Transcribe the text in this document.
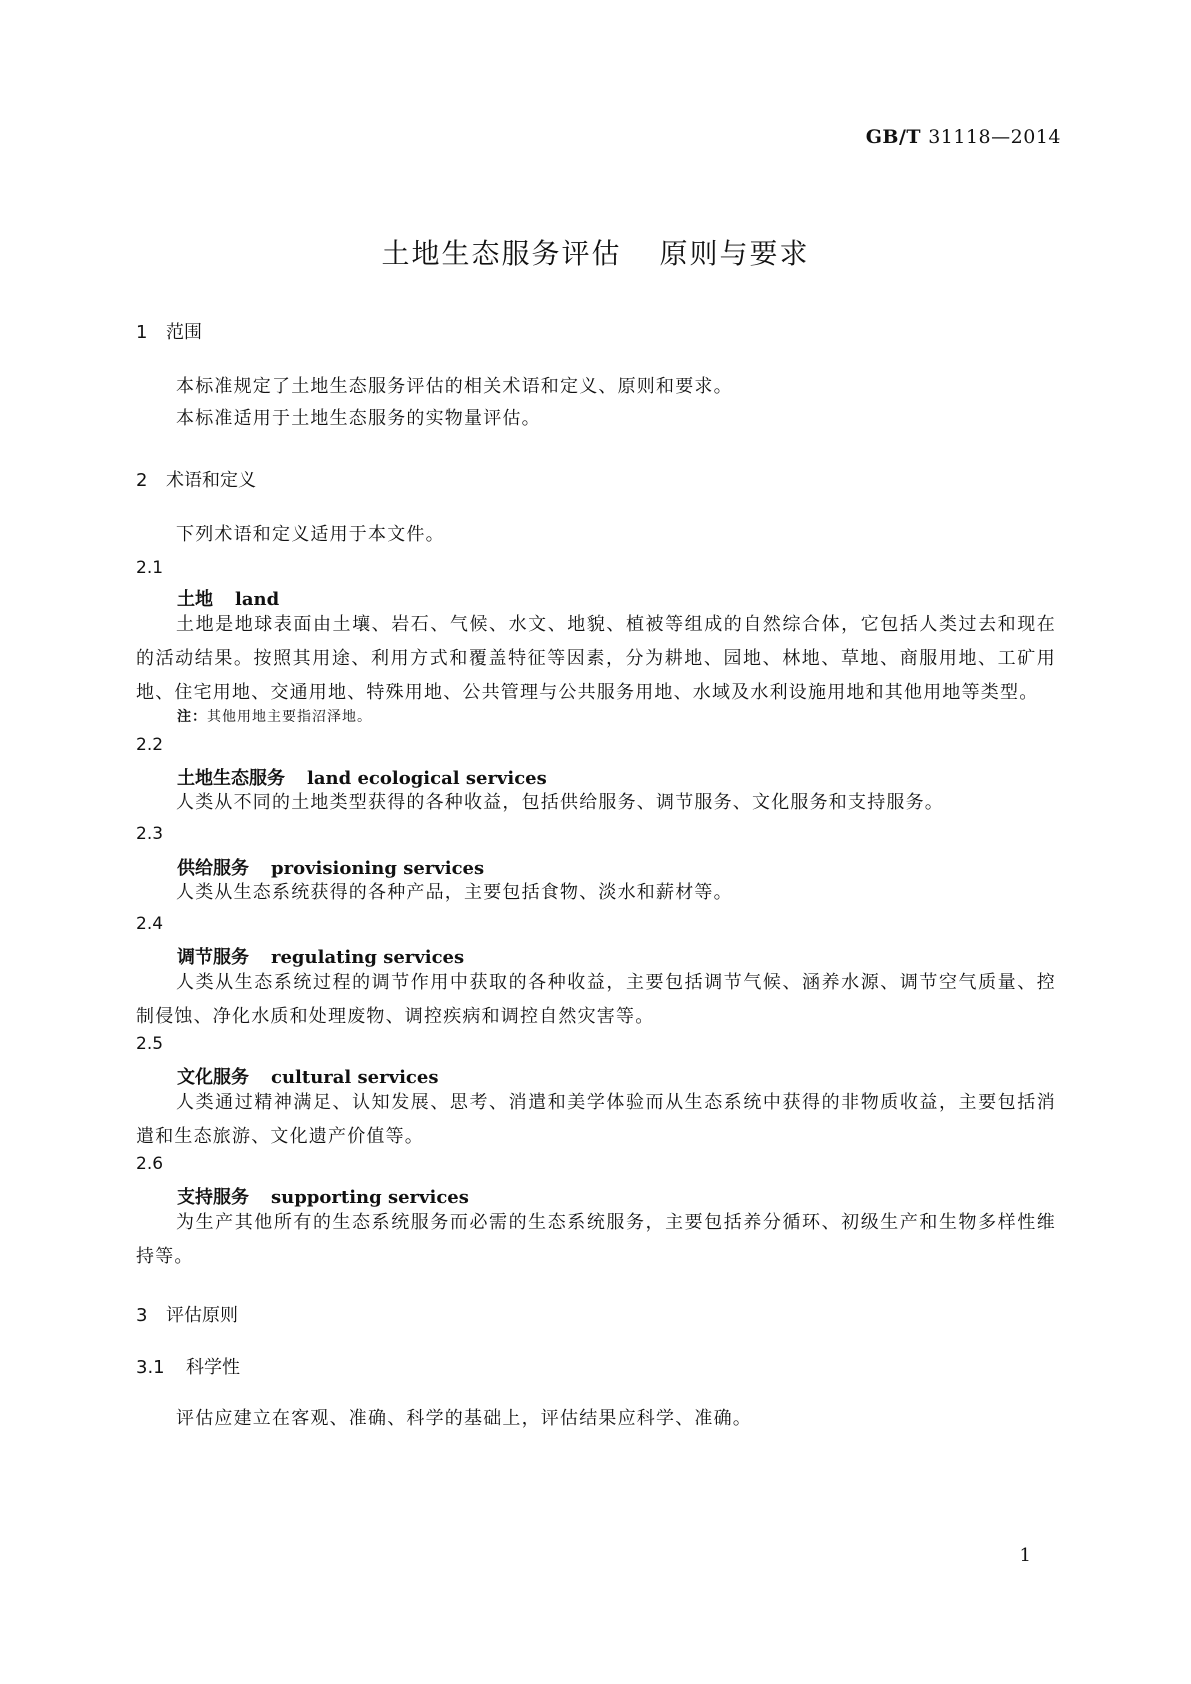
GB/T 31118—2014
土地生态服务评估 原则与要求
1 范围
本标准规定了土地生态服务评估的相关术语和定义、原则和要求。
本标准适用于土地生态服务的实物量评估。
2 术语和定义
下列术语和定义适用于本文件。
2.1
土地 land
土地是地球表面由土壤、岩石、气候、水文、地貌、植被等组成的自然综合体，它包括人类过去和现在的活动结果。按照其用途、利用方式和覆盖特征等因素，分为耕地、园地、林地、草地、商服用地、工矿用地、住宅用地、交通用地、特殊用地、公共管理与公共服务用地、水域及水利设施用地和其他用地等类型。
注：其他用地主要指沼泽地。
2.2
土地生态服务 land ecological services
人类从不同的土地类型获得的各种收益，包括供给服务、调节服务、文化服务和支持服务。
2.3
供给服务 provisioning services
人类从生态系统获得的各种产品，主要包括食物、淡水和薪材等。
2.4
调节服务 regulating services
人类从生态系统过程的调节作用中获取的各种收益，主要包括调节气候、涵养水源、调节空气质量、控制侵蚀、净化水质和处理废物、调控疾病和调控自然灾害等。
2.5
文化服务 cultural services
人类通过精神满足、认知发展、思考、消遣和美学体验而从生态系统中获得的非物质收益，主要包括消遣和生态旅游、文化遗产价值等。
2.6
支持服务 supporting services
为生产其他所有的生态系统服务而必需的生态系统服务，主要包括养分循环、初级生产和生物多样性维持等。
3 评估原则
3.1 科学性
评估应建立在客观、准确、科学的基础上，评估结果应科学、准确。
1
